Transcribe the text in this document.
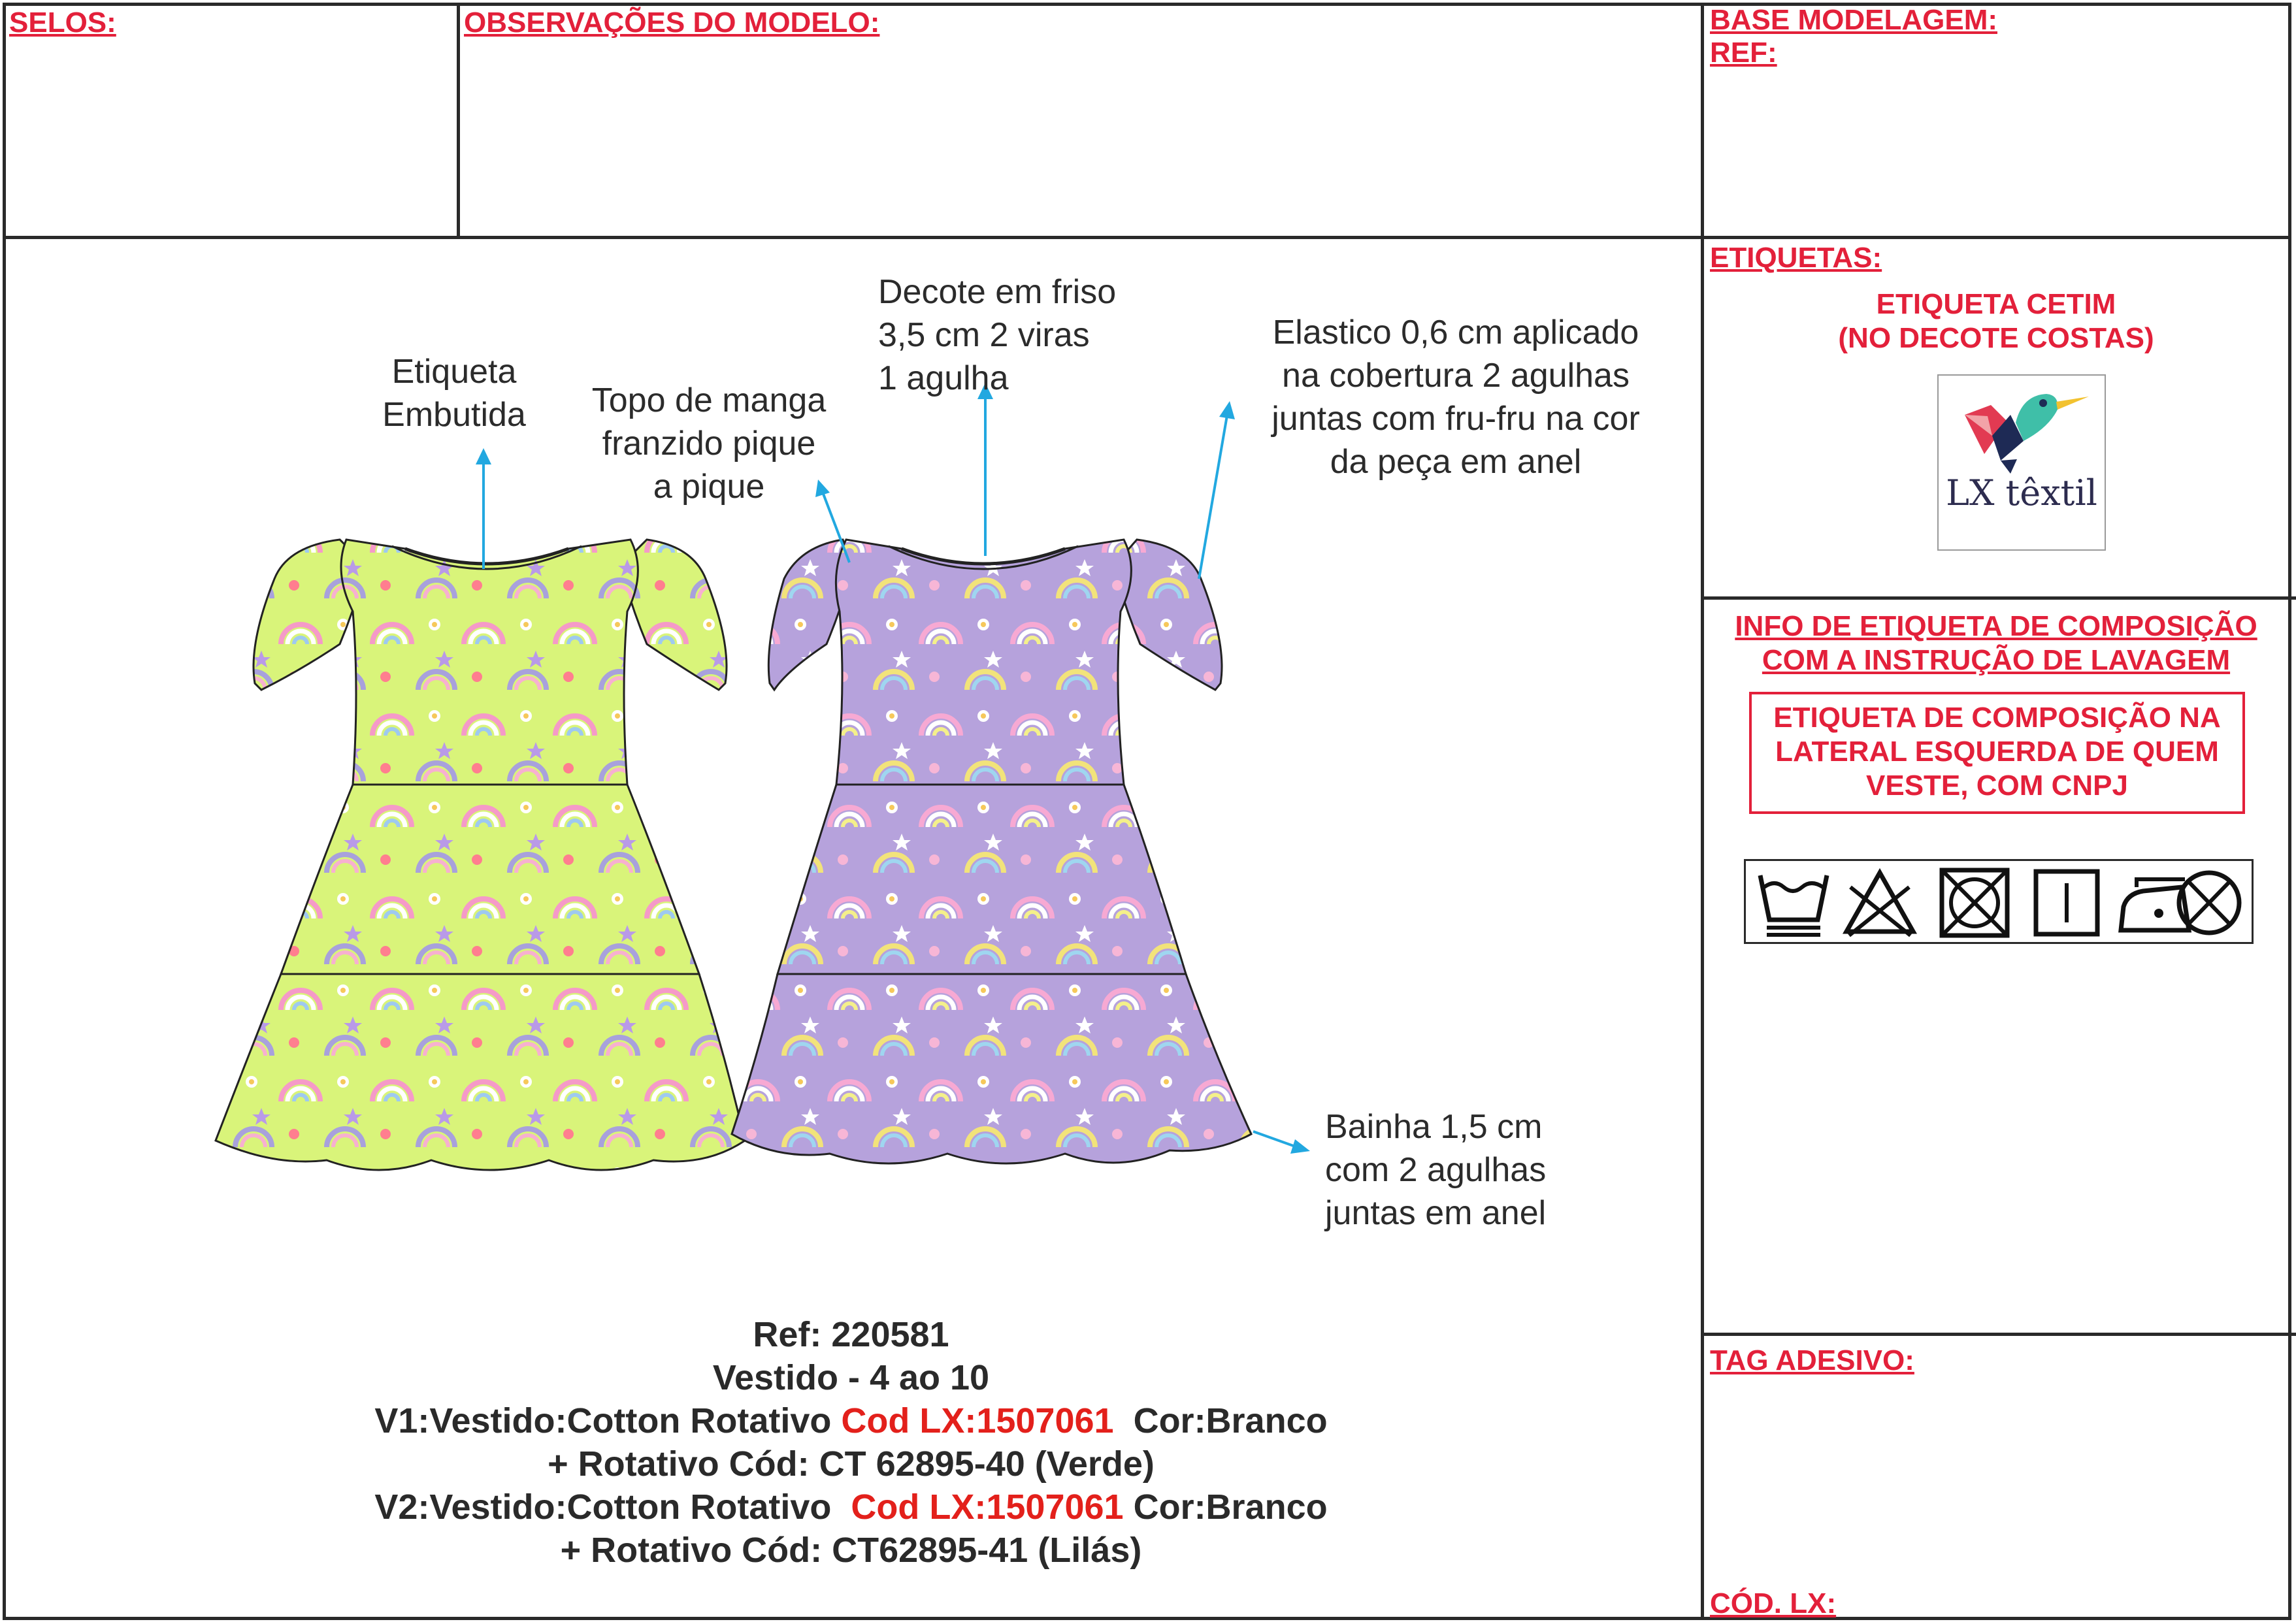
SELOS:	OBSERVAÇÕES DO MODELO:	BASE MODELAGEM:
REF:
ETIQUETAS:
ETIQUETA CETIM
(NO DECOTE COSTAS)
LX têxtil
INFO DE ETIQUETA DE COMPOSIÇÃO
COM A INSTRUÇÃO DE LAVAGEM
ETIQUETA DE COMPOSIÇÃO NA
LATERAL ESQUERDA DE QUEM
VESTE, COM CNPJ
TAG ADESIVO:
CÓD. LX:
Etiqueta
Embutida	Topo de manga
franzido pique
a pique
Decote em friso
3,5 cm 2 viras
1 agulha
Elastico 0,6 cm aplicado
na cobertura 2 agulhas
juntas com fru-fru na cor
da peça em anel
Bainha 1,5 cm
com 2 agulhas
juntas em anel
Ref: 220581
Vestido - 4 ao 10
V1:Vestido:Cotton Rotativo Cod LX:1507061  Cor:Branco
+ Rotativo Cód: CT 62895-40 (Verde)
V2:Vestido:Cotton Rotativo  Cod LX:1507061 Cor:Branco
+ Rotativo Cód: CT62895-41 (Lilás)
